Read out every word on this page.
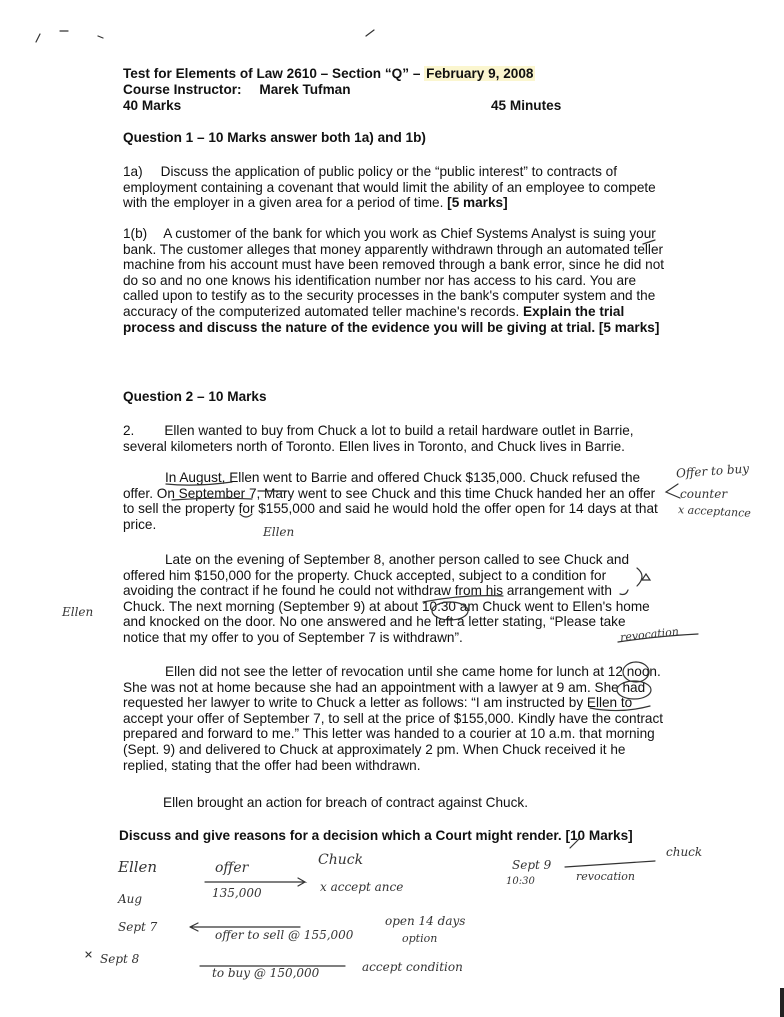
Test for Elements of Law 2610 – Section “Q” – February 9, 2008
Course Instructor: Marek Tufman
40 Marks	45 Minutes
Question 1 – 10 Marks answer both 1a) and 1b)
1a) Discuss the application of public policy or the “public interest” to contracts of employment containing a covenant that would limit the ability of an employee to compete with the employer in a given area for a period of time. [5 marks]
1(b) A customer of the bank for which you work as Chief Systems Analyst is suing your bank. The customer alleges that money apparently withdrawn through an automated teller machine from his account must have been removed through a bank error, since he did not do so and no one knows his identification number nor has access to his card. You are called upon to testify as to the security processes in the bank's computer system and the accuracy of the computerized automated teller machine's records. Explain the trial process and discuss the nature of the evidence you will be giving at trial. [5 marks]
Question 2 – 10 Marks
2. Ellen wanted to buy from Chuck a lot to build a retail hardware outlet in Barrie, several kilometers north of Toronto. Ellen lives in Toronto, and Chuck lives in Barrie.
In August, Ellen went to Barrie and offered Chuck $135,000. Chuck refused the offer. On September 7, Mary went to see Chuck and this time Chuck handed her an offer to sell the property for $155,000 and said he would hold the offer open for 14 days at that price.
Late on the evening of September 8, another person called to see Chuck and offered him $150,000 for the property. Chuck accepted, subject to a condition for avoiding the contract if he found he could not withdraw from his arrangement with Chuck. The next morning (September 9) at about 10:30 am Chuck went to Ellen's home and knocked on the door. No one answered and he left a letter stating, “Please take notice that my offer to you of September 7 is withdrawn”.
Ellen did not see the letter of revocation until she came home for lunch at 12 noon. She was not at home because she had an appointment with a lawyer at 9 am. She had requested her lawyer to write to Chuck a letter as follows: “I am instructed by Ellen to accept your offer of September 7, to sell at the price of $155,000. Kindly have the contract prepared and forward to me.” This letter was handed to a courier at 10 a.m. that morning (Sept. 9) and delivered to Chuck at approximately 2 pm. When Chuck received it he replied, stating that the offer had been withdrawn.
Ellen brought an action for breach of contract against Chuck.
Discuss and give reasons for a decision which a Court might render. [10 Marks]
Offer to buy
counter
x acceptance
Ellen
Ellen
revocation
Ellen	offer	Chuck	Sept 9
10:30
chuck
revocation
Aug	135,000	x accept ance
Sept 7
offer to sell @ 155,000
open 14 days
option
Sept 8
to buy @ 150,000	accept condition
